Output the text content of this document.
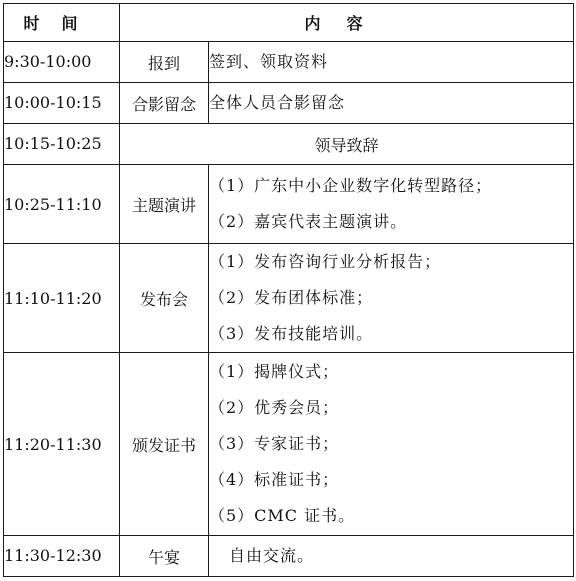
时间	内容	
9:30-10:00	报到	签到、领取资料

10:00-10:15	合影留念	全体人员合影留念

10:15-10:25	领导致辞	
10:25-11:10	主题演讲	（1）广东中小企业数字化转型路径；
（2）嘉宾代表主题演讲。

11:10-11:20	发布会	（1）发布咨询行业分析报告；
（2）发布团体标准；
（3）发布技能培训。

11:20-11:30	颁发证书	（1）揭牌仪式；
（2）优秀会员；
（3）专家证书；
（4）标准证书；
（5）CMC 证书。

11:30-12:30	午宴	自由交流。
